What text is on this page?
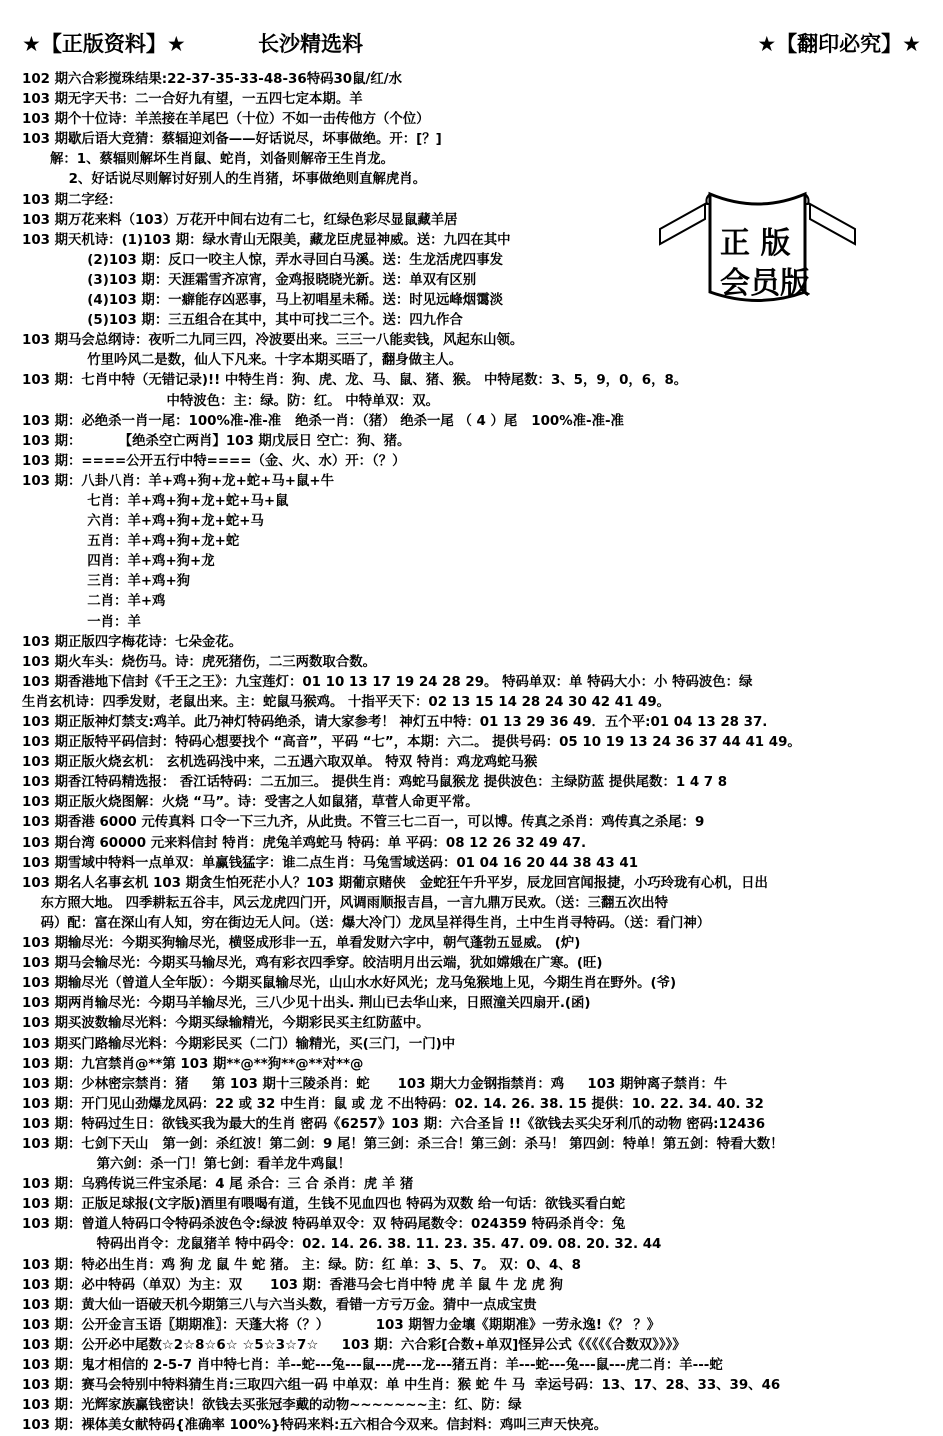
★【正版资料】★	长沙精选料	★【翻印必究】★
正 版
会员版
102 期六合彩搅珠结果:22-37-35-33-48-36特码30鼠/红/水
103 期无字天书：二一合好九有望，一五四七定本期。羊
103 期个十位诗：羊羔接在羊尾巴（十位）不如一击传他方（个位）
103 期歇后语大竞猜：蔡辐迎刘备——好话说尽，坏事做绝。开：[？]
解：1、蔡辐则解坏生肖鼠、蛇肖，刘备则解帝王生肖龙。
2、好话说尽则解讨好别人的生肖猪，坏事做绝则直解虎肖。
103 期二字经：
103 期万花来料（103）万花开中间右边有二七，红绿色彩尽显鼠藏羊居
103 期天机诗：(1)103 期：绿水青山无限美，藏龙臣虎显神威。送：九四在其中
(2)103 期：反口一咬主人惊，弄水寻回白马溪。送：生龙活虎四事发
(3)103 期：天涯霜雪齐凉宵，金鸡报晓晓光新。送：单双有区别
(4)103 期：一癖能存凶恶事，马上初唱星未稀。送：时见远峰烟霭淡
(5)103 期：三五组合在其中，其中可找二三个。送：四九作合
103 期马会总纲诗：夜听二九同三四，冷波要出来。三三一八能卖钱，风起东山领。
竹里吟风二是数，仙人下凡来。十字本期买晤了，翻身做主人。
103 期：七肖中特（无错记录)!! 中特生肖：狗、虎、龙、马、鼠、猪、猴。 中特尾数：3、5，9，0，6，8。
中特波色：主：绿。防：红。 中特单双：双。
103 期：必绝杀一肖一尾：100%准-准-准   绝杀一肖：（猪） 绝杀一尾 （ 4 ）尾   100%准-准-准
103 期：        【绝杀空亡两肖】103 期戊辰日 空亡：狗、猪。
103 期：====公开五行中特====（金、火、水）开：（？）
103 期：八卦八肖：羊+鸡+狗+龙+蛇+马+鼠+牛
七肖：羊+鸡+狗+龙+蛇+马+鼠
六肖：羊+鸡+狗+龙+蛇+马
五肖：羊+鸡+狗+龙+蛇
四肖：羊+鸡+狗+龙
三肖：羊+鸡+狗
二肖：羊+鸡
一肖：羊
103 期正版四字梅花诗：七朵金花。
103 期火车头：烧伤马。诗：虎死猪伤，二三两数取合数。
103 期香港地下信封《千王之王》：九宝莲灯：01 10 13 17 19 24 28 29。 特码单双：单 特码大小：小 特码波色：绿
生肖玄机诗：四季发财，老鼠出来。主：蛇鼠马猴鸡。 十指平天下：02 13 15 14 28 24 30 42 41 49。
103 期正版神灯禁支:鸡羊。此乃神灯特码绝杀，请大家参考！ 神灯五中特：01 13 29 36 49．五个平:01 04 13 28 37.
103 期正版特平码信封：特码心想要找个 “高音”，平码 “七”，本期：六二。 提供号码：05 10 19 13 24 36 37 44 41 49。
103 期正版火烧玄机： 玄机选码浅中来，二五遇六取双单。 特双 特肖：鸡龙鸡蛇马猴
103 期香江特码精选报： 香江话特码：二五加三。 提供生肖：鸡蛇马鼠猴龙 提供波色：主绿防蓝 提供尾数：1 4 7 8
103 期正版火烧图解：火烧 “马”。诗：受害之人如鼠猪，草菅人命更平常。
103 期香港 6000 元传真料 口令一下三九齐，从此贵。不管三七二百一，可以博。传真之杀肖：鸡传真之杀尾：9
103 期台湾 60000 元来料信封 特肖：虎兔羊鸡蛇马 特码：单 平码：08 12 26 32 49 47.
103 期雪域中特料一点单双：单赢钱猛字：谁二点生肖：马兔雪域送码：01 04 16 20 44 38 43 41
103 期名人名事玄机 103 期贪生怕死茫小人？103 期葡京赌侠   金蛇狂午升平岁，辰龙回宫闻报捷，小巧玲珑有心机，日出
东方照大地。 四季耕耘五谷丰，风云龙虎四门开，风调雨顺报吉昌，一言九鼎万民欢。（送：三翻五次出特
码）配：富在深山有人知，穷在街边无人问。（送：爆大冷门）龙凤呈祥得生肖，土中生肖寻特码。（送：看门神）
103 期输尽光：今期买狗输尽光，横竖成形非一五，单看发财六字中，朝气蓬勃五显威。 (炉)
103 期马会输尽光：今期买马输尽光，鸡有彩衣四季穿。皎洁明月出云端，犹如嫦娥在广寒。(旺)
103 期输尽光（曾道人全年版）：今期买鼠输尽光，山山水水好风光；龙马兔猴地上见，今期生肖在野外。(爷)
103 期两肖输尽光：今期马羊输尽光，三八少见十出头. 荆山已去华山来，日照潼关四扇开.(函)
103 期买波数输尽光料：今期买绿输精光，今期彩民买主红防蓝中。
103 期买门路输尽光料：今期彩民买（二门）输精光，买(三门，一门)中
103 期：九宫禁肖@**第 103 期**@**狗**@**对**@
103 期：少林密宗禁肖：猪     第 103 期十三陵杀肖：蛇      103 期大力金钢指禁肖：鸡     103 期钟离子禁肖：牛
103 期：开门见山劲爆龙凤码：22 或 32 中生肖：鼠 或 龙 不出特码：02. 14. 26. 38. 15 提供：10. 22. 34. 40. 32
103 期：特码过生日：欲钱买我为最大的生肖 密码《6257》103 期：六合圣旨 !!《欲钱去买尖牙利爪的动物 密码:12436
103 期：七剑下天山   第一剑：杀红波！第二剑：9 尾！第三剑：杀三合！第三剑：杀马！ 第四剑：特单！第五剑：特看大数！
第六剑：杀一门！第七剑：看羊龙牛鸡鼠！
103 期：乌鸦传说三件宝杀尾：4 尾 杀合：三 合 杀肖：虎 羊 猪
103 期：正版足球报(文字版)酒里有喂喝有道，生钱不见血四也 特码为双数 给一句话：欲钱买看白蛇
103 期：曾道人特码口令特码杀波色令:绿波 特码单双令：双 特码尾数令：024359 特码杀肖令：兔
特码出肖令：龙鼠猪羊 特中码令：02. 14. 26. 38. 11. 23. 35. 47. 09. 08. 20. 32. 44
103 期：特必出生肖：鸡 狗 龙 鼠 牛 蛇 猪。 主：绿。防：红 单：3、5、7。 双：0、4、8
103 期：必中特码（单双）为主：双      103 期：香港马会七肖中特 虎 羊 鼠 牛 龙 虎 狗
103 期：黄大仙一语破天机今期第三八与六当头数，看错一方亏万金。猜中一点成宝贵
103 期：公开金言玉语〖期期准〗：天蓬大将（？）          103 期智力金壤《期期准》一劳永逸!《？ ？》
103 期：公开必中尾数☆2☆8☆6☆ ☆5☆3☆7☆     103 期：六合彩[合数+单双]怪异公式《《《《《合数双》》》》
103 期：鬼才相信的 2-5-7 肖中特七肖：羊--蛇---兔---鼠---虎---龙---猪五肖：羊---蛇---兔---鼠---虎二肖：羊---蛇
103 期：赛马会特别中特料猜生肖:三取四六组一码 中单双：单 中生肖：猴 蛇 牛 马  幸运号码：13、17、28、33、39、46
103 期：光辉家族赢钱密诀！欲钱去买张冠李戴的动物~~~~~~~主：红、防：绿
103 期：裸体美女献特码{准确率 100%}特码来料:五六相合今双来。信封料：鸡叫三声天快亮。
